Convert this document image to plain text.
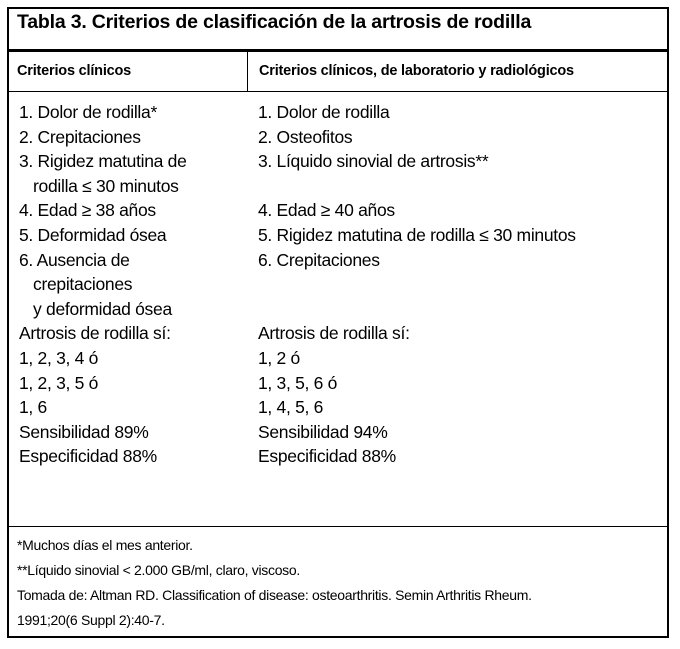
Tabla 3. Criterios de clasificación de la artrosis de rodilla
Criterios clínicos	Criterios clínicos, de laboratorio y radiológicos
1. Dolor de rodilla*
2. Crepitaciones
3. Rigidez matutina de
rodilla ≤ 30 minutos
4. Edad ≥ 38 años
5. Deformidad ósea
6. Ausencia de
crepitaciones
y deformidad ósea
Artrosis de rodilla sí:
1, 2, 3, 4 ó
1, 2, 3, 5 ó
1, 6
Sensibilidad 89%
Especificidad 88%
1. Dolor de rodilla
2. Osteofitos
3. Líquido sinovial de artrosis**
4. Edad ≥ 40 años
5. Rigidez matutina de rodilla ≤ 30 minutos
6. Crepitaciones
Artrosis de rodilla sí:
1, 2 ó
1, 3, 5, 6 ó
1, 4, 5, 6
Sensibilidad 94%
Especificidad 88%
*Muchos días el mes anterior.
**Líquido sinovial < 2.000 GB/ml, claro, viscoso.
Tomada de: Altman RD. Classification of disease: osteoarthritis. Semin Arthritis Rheum.
1991;20(6 Suppl 2):40-7.
